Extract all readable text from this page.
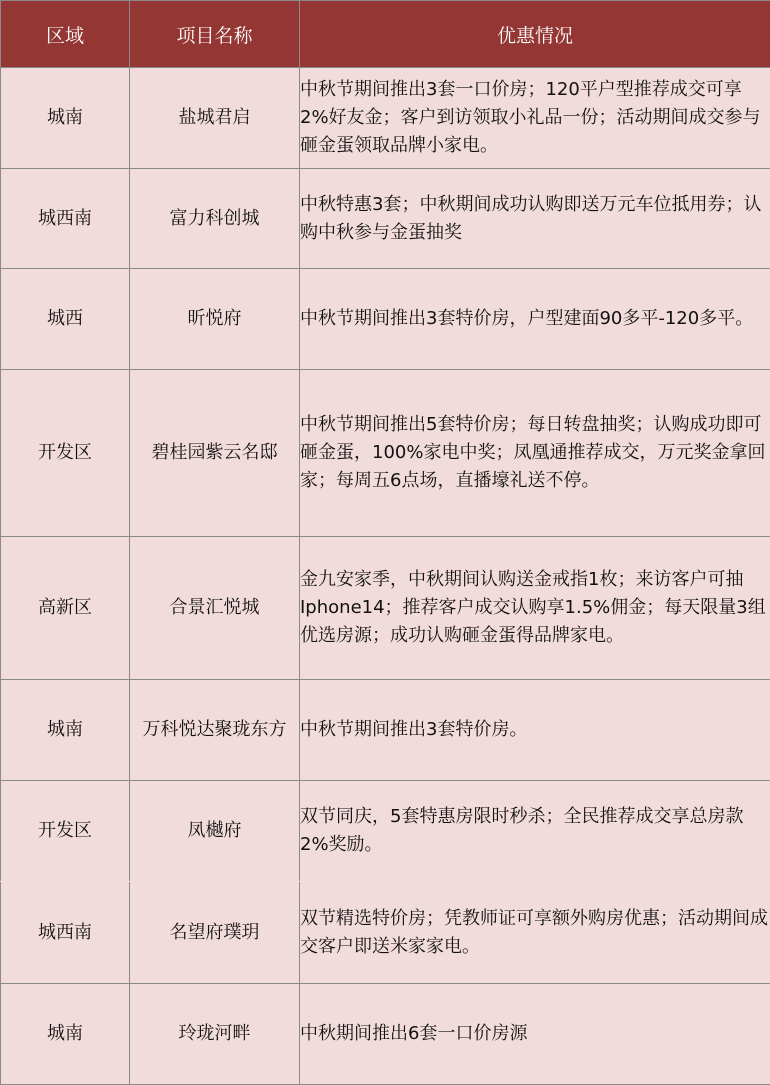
区域	项目名称	优惠情况
城南	盐城君启	中秋节期间推出3套一口价房；120平户型推荐成交可享2%好友金；客户到访领取小礼品一份；活动期间成交参与砸金蛋领取品牌小家电。
城西南	富力科创城	中秋特惠3套；中秋期间成功认购即送万元车位抵用券；认购中秋参与金蛋抽奖
城西	昕悦府	中秋节期间推出3套特价房，户型建面90多平-120多平。
开发区	碧桂园紫云名邸	中秋节期间推出5套特价房；每日转盘抽奖；认购成功即可砸金蛋，100%家电中奖；凤凰通推荐成交，万元奖金拿回家；每周五6点场，直播壕礼送不停。
高新区	合景汇悦城	金九安家季，中秋期间认购送金戒指1枚；来访客户可抽Iphone14；推荐客户成交认购享1.5%佣金；每天限量3组优选房源；成功认购砸金蛋得品牌家电。
城南	万科悦达聚珑东方	中秋节期间推出3套特价房。
开发区	凤樾府	双节同庆，5套特惠房限时秒杀；全民推荐成交享总房款2%奖励。
城西南	名望府璞玥	双节精选特价房；凭教师证可享额外购房优惠；活动期间成交客户即送米家家电。
城南	玲珑河畔	中秋期间推出6套一口价房源
